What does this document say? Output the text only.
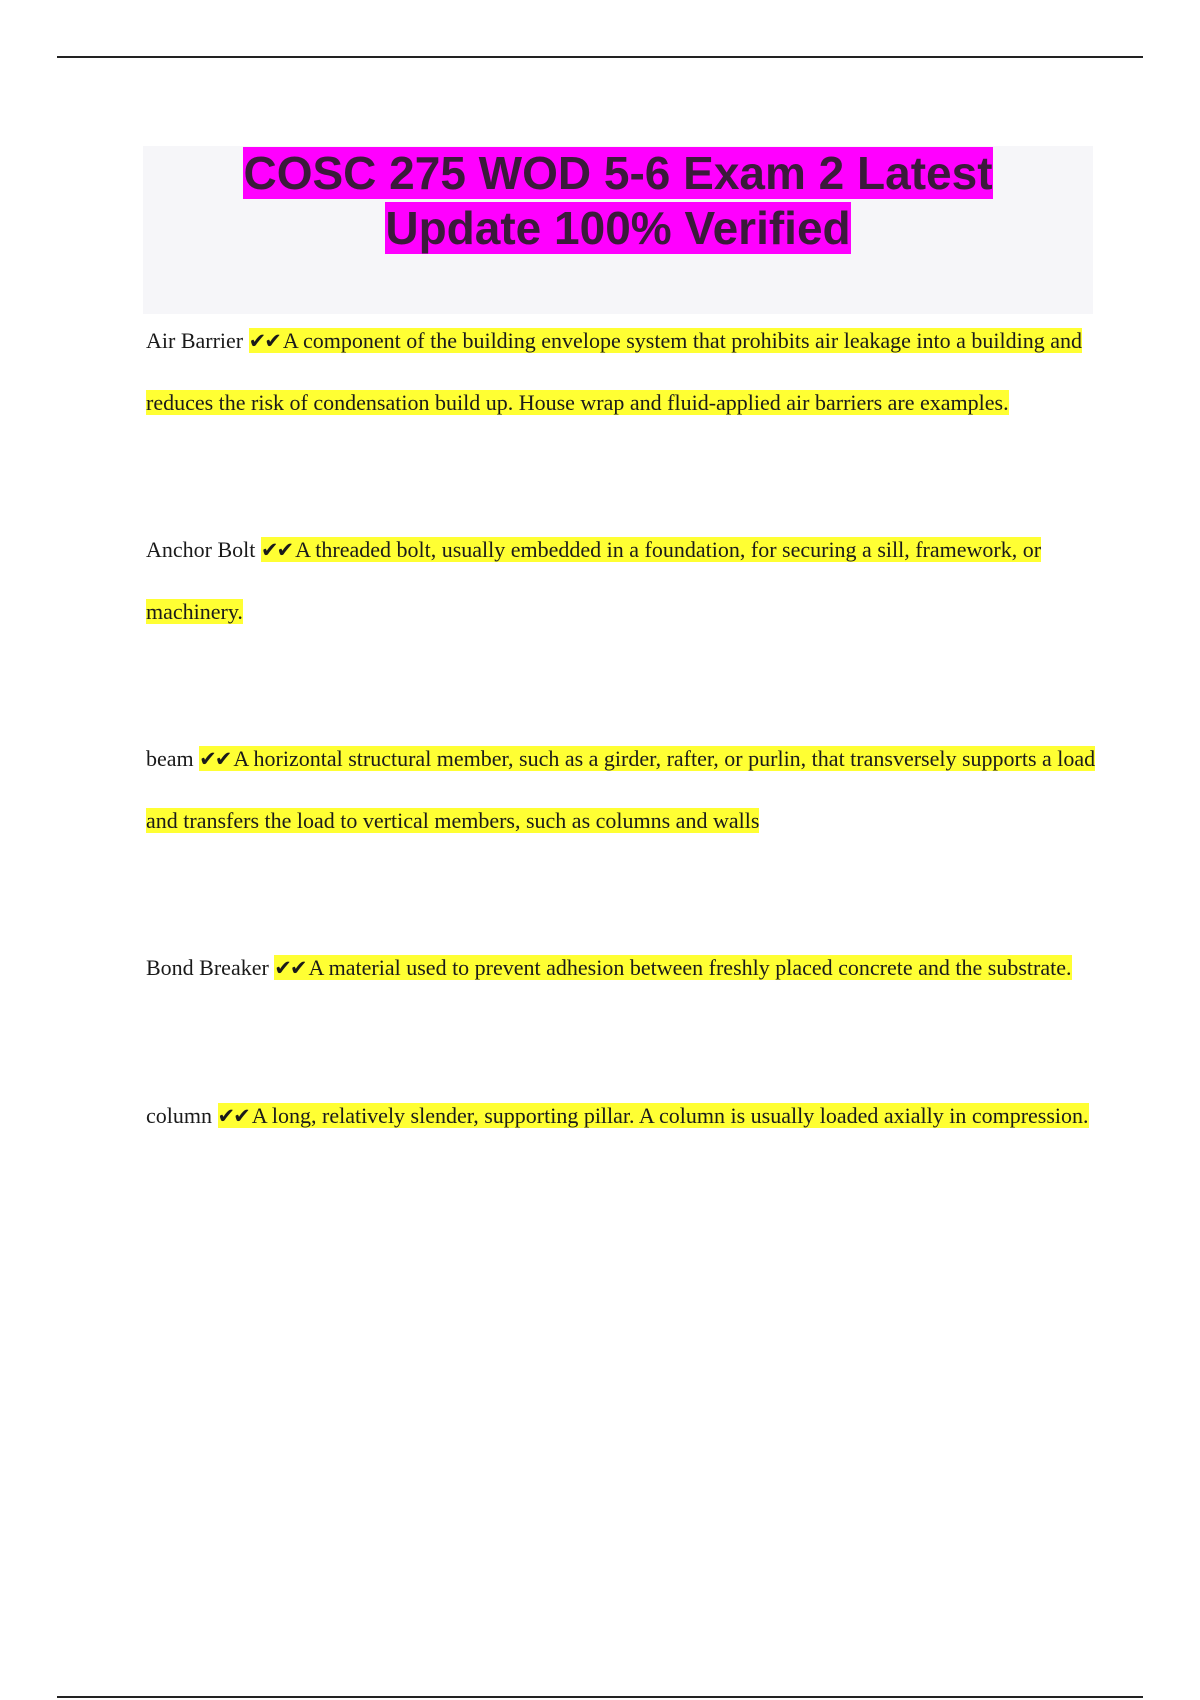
COSC 275 WOD 5-6 Exam 2 Latest
Update 100% Verified

Air Barrier ✔✔ A component of the building envelope system that prohibits air leakage into a building and reduces the risk of condensation build up. House wrap and fluid-applied air barriers are examples.

Anchor Bolt ✔✔ A threaded bolt, usually embedded in a foundation, for securing a sill, framework, or machinery.

beam ✔✔ A horizontal structural member, such as a girder, rafter, or purlin, that transversely supports a load and transfers the load to vertical members, such as columns and walls

Bond Breaker ✔✔ A material used to prevent adhesion between freshly placed concrete and the substrate.

column ✔✔ A long, relatively slender, supporting pillar. A column is usually loaded axially in compression.
